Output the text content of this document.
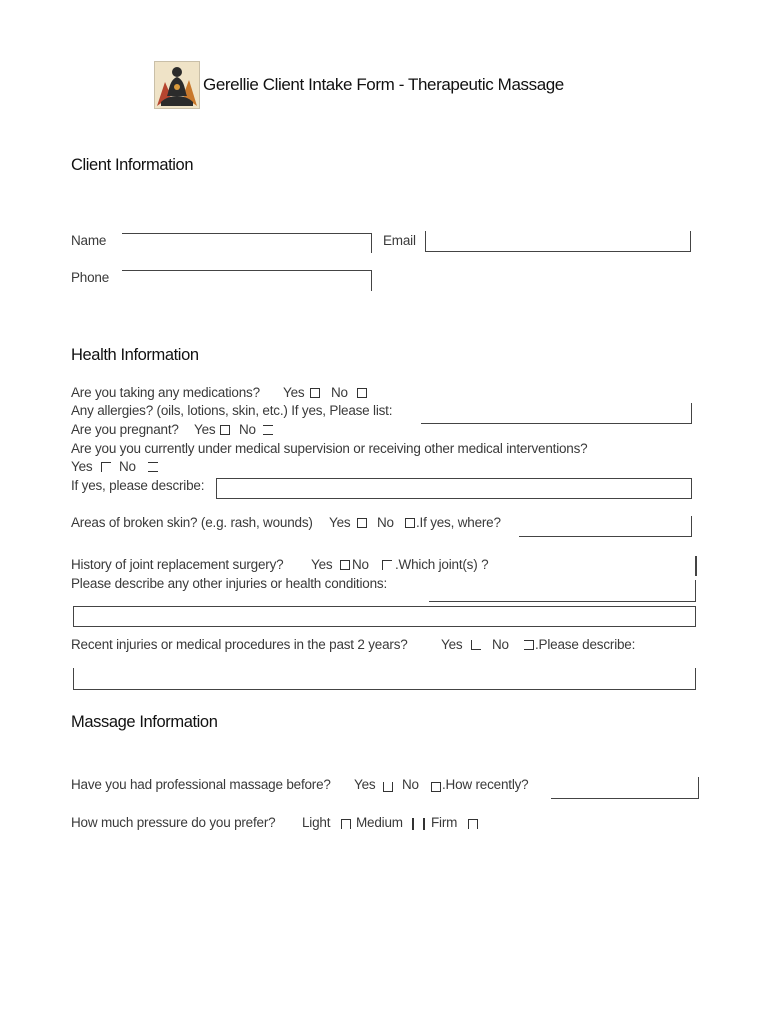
Gerellie Client Intake Form - Therapeutic Massage
Client Information
Name	Email
Phone
Health Information
Are you taking any medications? Yes No
Any allergies? (oils, lotions, skin, etc.) If yes, Please list:
Are you pregnant? Yes No
Are you you currently under medical supervision or receiving other medical interventions?
Yes No
If yes, please describe:
Areas of broken skin? (e.g. rash, wounds) Yes No .If yes, where?
History of joint replacement surgery? Yes No .Which joint(s) ?
Please describe any other injuries or health conditions:
Recent injuries or medical procedures in the past 2 years? Yes No .Please describe:
Massage Information
Have you had professional massage before? Yes No .How recently?
How much pressure do you prefer? Light Medium Firm
